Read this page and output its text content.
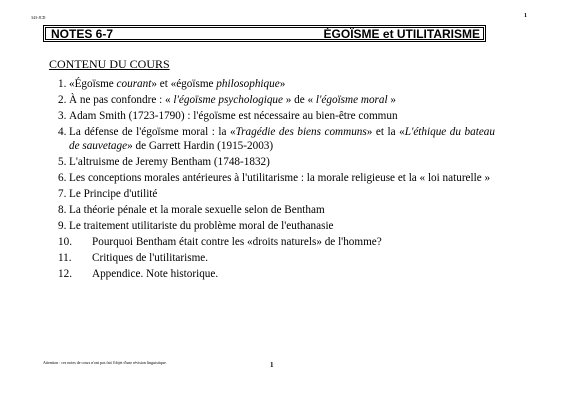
343-JCD	1
NOTES 6-7	ÉGOÏSME et UTILITARISME
CONTENU DU COURS
1. «Égoïsme courant» et «égoïsme philosophique»
2. À ne pas confondre : « l'égoïsme psychologique » de « l'égoïsme moral »
3. Adam Smith (1723-1790) : l'égoïsme est nécessaire au bien-être commun
4. La défense de l'égoïsme moral : la «Tragédie des biens communs» et la «L'éthique du bateau de sauvetage» de Garrett Hardin (1915-2003)
5. L'altruisme de Jeremy Bentham (1748-1832)
6. Les conceptions morales antérieures à l'utilitarisme : la morale religieuse et la « loi naturelle »
7. Le Principe d'utilité
8. La théorie pénale et la morale sexuelle selon de Bentham
9. Le traitement utilitariste du problème moral de l'euthanasie
10.	Pourquoi Bentham était contre les «droits naturels» de l'homme?
11.	Critiques de l'utilitarisme.
12.	Appendice. Note historique.
Attention : ces notes de cours n'ont pas fait l'objet d'une révision linguistique.	1
